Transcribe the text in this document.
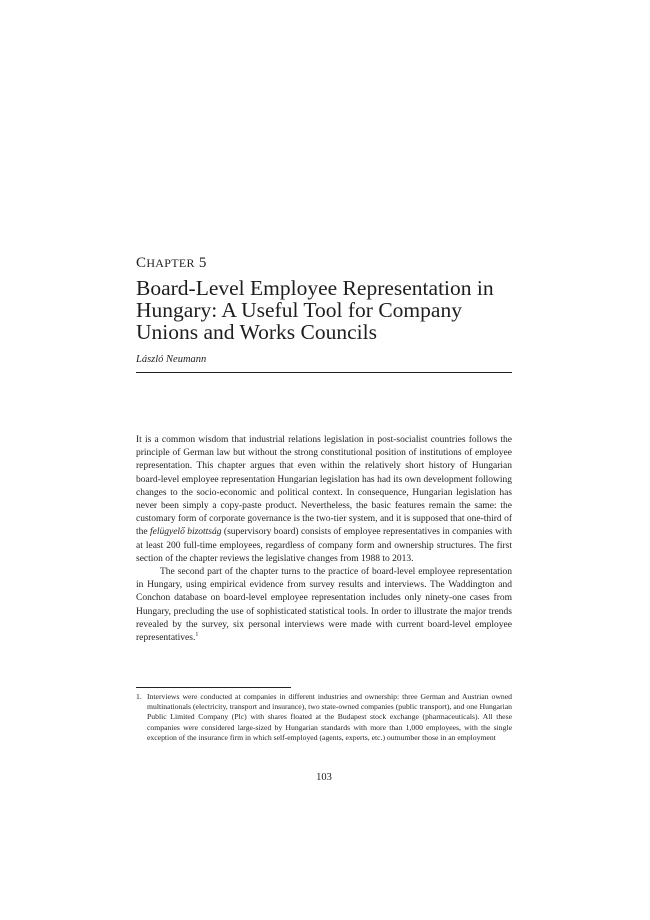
CHAPTER 5
Board-Level Employee Representation in
Hungary: A Useful Tool for Company
Unions and Works Councils
László Neumann

It is a common wisdom that industrial relations legislation in post-socialist countries follows the principle of German law but without the strong constitutional position of institutions of employee representation. This chapter argues that even within the relatively short history of Hungarian board-level employee representation Hungarian legislation has had its own development following changes to the socio-economic and political context. In consequence, Hungarian legislation has never been simply a copy-paste product. Nevertheless, the basic features remain the same: the customary form of corporate governance is the two-tier system, and it is supposed that one-third of the felügyelő bizottság (supervisory board) consists of employee representatives in companies with at least 200 full-time employees, regardless of company form and ownership structures. The first section of the chapter reviews the legislative changes from 1988 to 2013.

The second part of the chapter turns to the practice of board-level employee representation in Hungary, using empirical evidence from survey results and interviews. The Waddington and Conchon database on board-level employee representation includes only ninety-one cases from Hungary, precluding the use of sophisticated statistical tools. In order to illustrate the major trends revealed by the survey, six personal interviews were made with current board-level employee representatives.$^1$

1. Interviews were conducted at companies in different industries and ownership: three German and Austrian owned multinationals (electricity, transport and insurance), two state-owned companies (public transport), and one Hungarian Public Limited Company (Plc) with shares floated at the Budapest stock exchange (pharmaceuticals). All these companies were considered large-sized by Hungarian standards with more than 1,000 employees, with the single exception of the insurance firm in which self-employed (agents, experts, etc.) outnumber those in an employment
103
